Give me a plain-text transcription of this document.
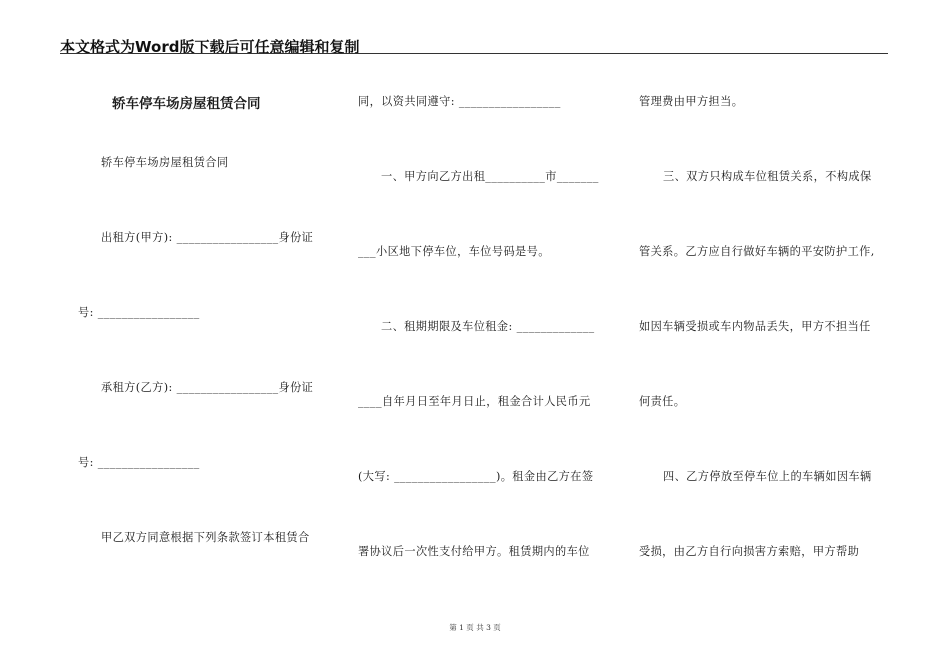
本文格式为Word版下载后可任意编辑和复制
轿车停车场房屋租赁合同
轿车停车场房屋租赁合同
出租方(甲方): _________________身份证
号: _________________
承租方(乙方): _________________身份证
号: _________________
甲乙双方同意根据下列条款签订本租赁合
同，以资共同遵守: _________________
一、甲方向乙方出租__________市_______
___小区地下停车位，车位号码是号。
二、租期期限及车位租金: _____________
____自年月日至年月日止，租金合计人民币元
(大写: _________________)。租金由乙方在签
署协议后一次性支付给甲方。租赁期内的车位
管理费由甲方担当。
三、双方只构成车位租赁关系，不构成保
管关系。乙方应自行做好车辆的平安防护工作,
如因车辆受损或车内物品丢失，甲方不担当任
何责任。
四、乙方停放至停车位上的车辆如因车辆
受损，由乙方自行向损害方索赔，甲方帮助
第 1 页 共 3 页
